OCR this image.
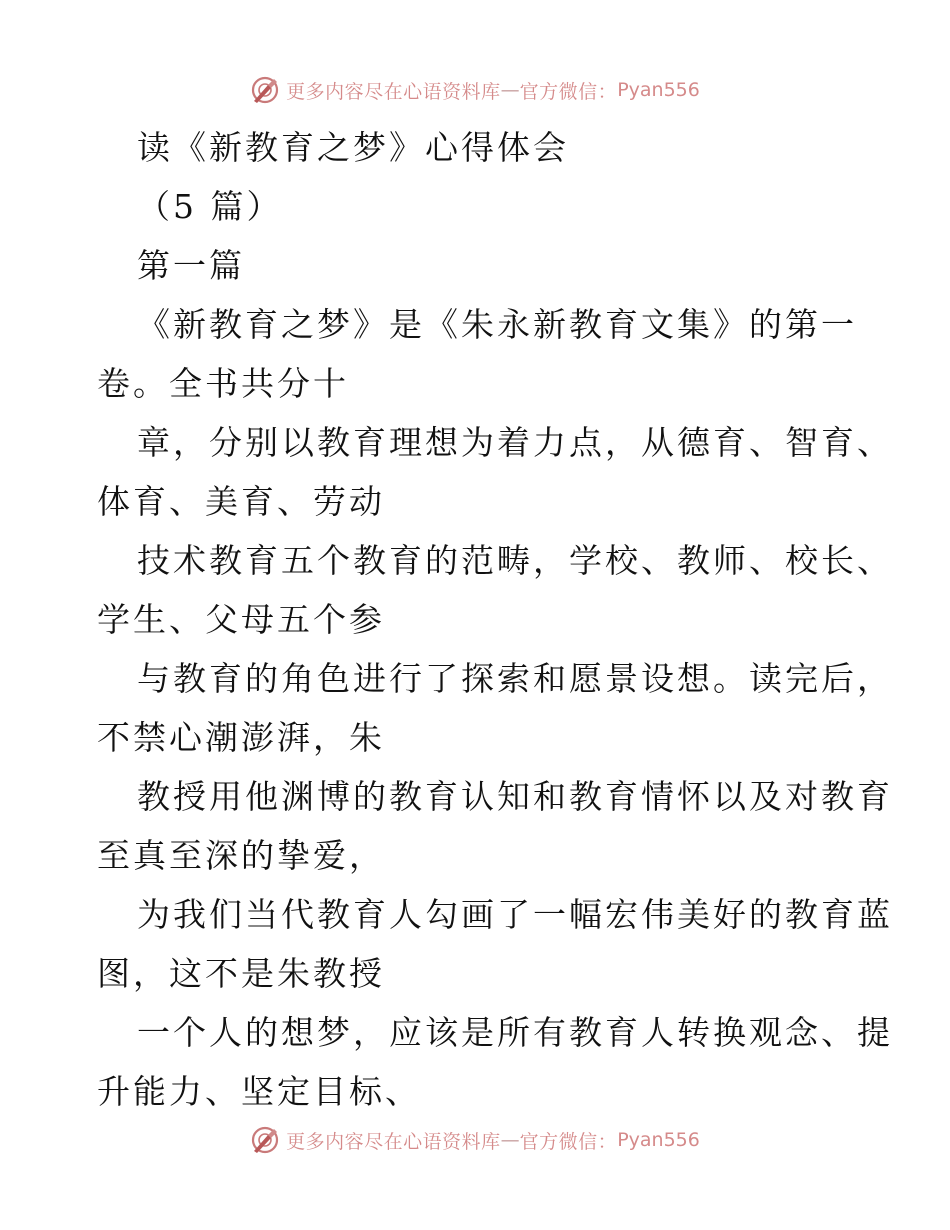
更多内容尽在心语资料库 — 官方微信： Pyan556
读《新教育之梦》心得体会
（5 篇）
第一篇
《新教育之梦》是《朱永新教育文集》的第一
卷。全书共分十
章，分别以教育理想为着力点，从德育、智育、
体育、美育、劳动
技术教育五个教育的范畴，学校、教师、校长、
学生、父母五个参
与教育的角色进行了探索和愿景设想。读完后，
不禁心潮澎湃，朱
教授用他渊博的教育认知和教育情怀以及对教育
至真至深的挚爱，
为我们当代教育人勾画了一幅宏伟美好的教育蓝
图，这不是朱教授
一个人的想梦，应该是所有教育人转换观念、提
升能力、坚定目标、
更多内容尽在心语资料库 — 官方微信： Pyan556
